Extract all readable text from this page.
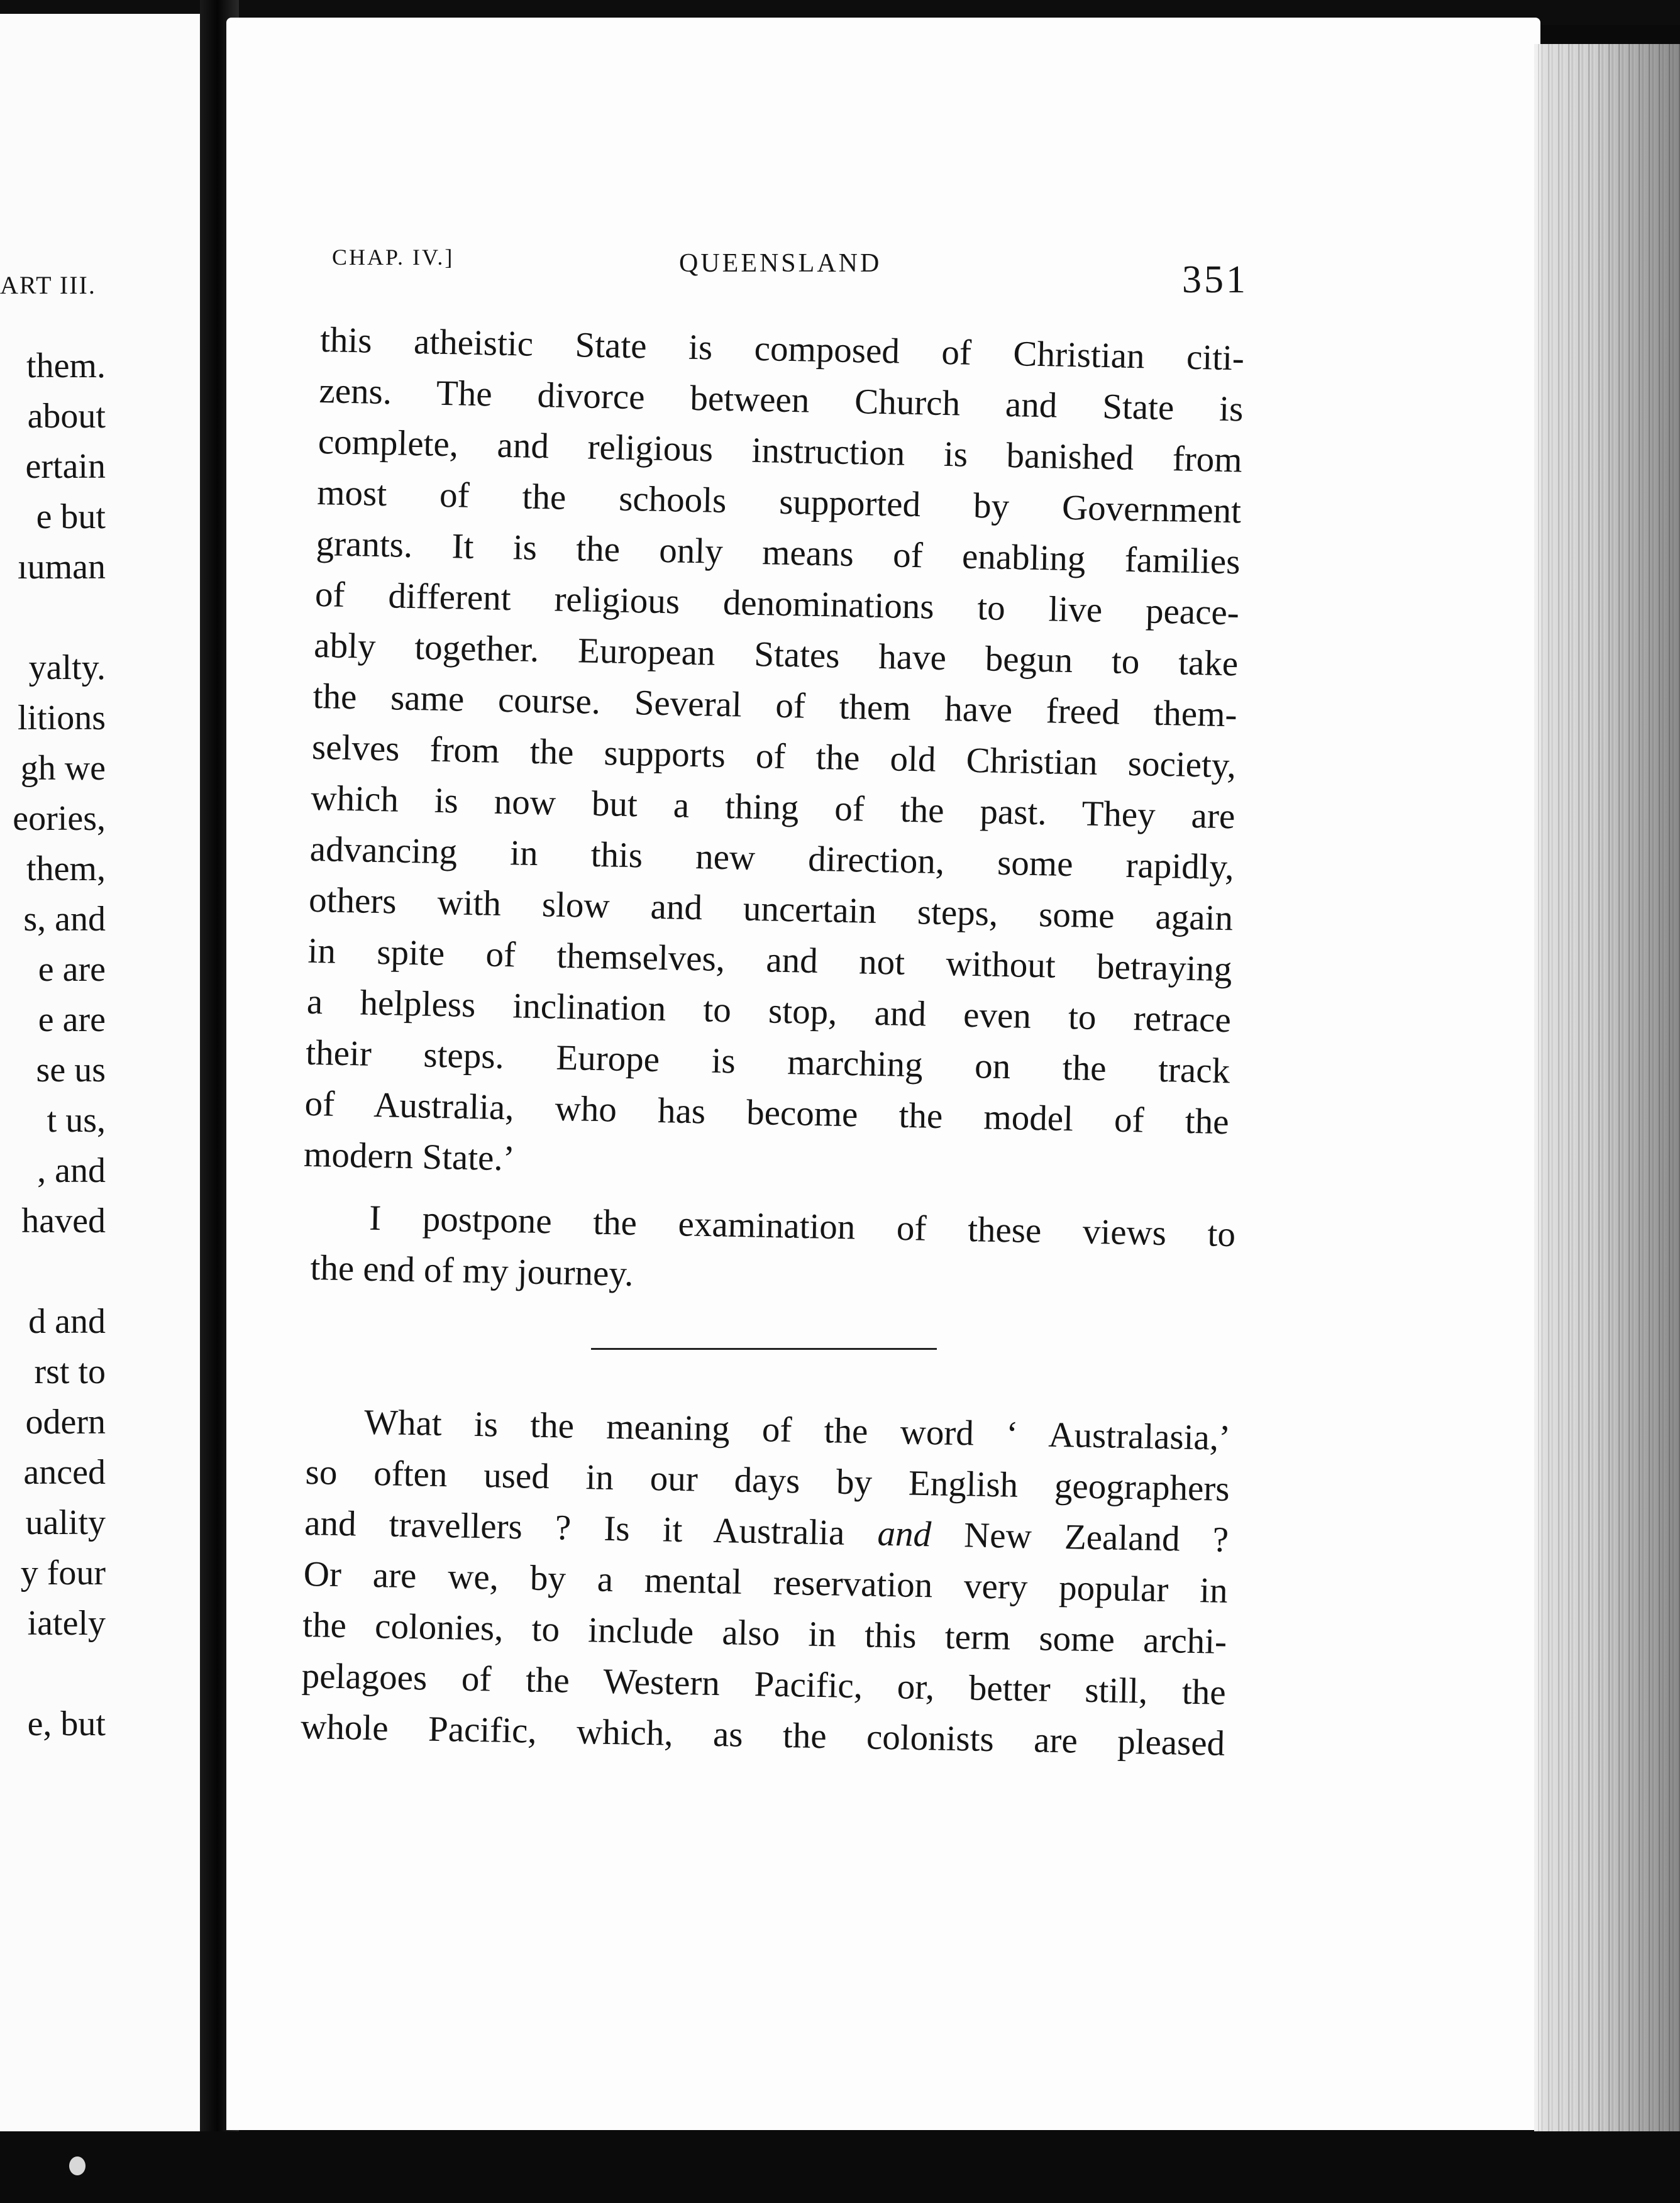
ART III.
them.
about
ertain
e but
ıuman
yalty.
litions
gh we
eories,
them,
s, and
e are
e are
se us
t us,
, and
haved
d and
rst to
odern
anced
uality
y four
iately
e, but
CHAP. IV.]	QUEENSLAND	351
this atheistic State is composed of Christian citi-
zens. The divorce between Church and State is
complete, and religious instruction is banished from
most of the schools supported by Government
grants. It is the only means of enabling families
of different religious denominations to live peace-
ably together. European States have begun to take
the same course. Several of them have freed them-
selves from the supports of the old Christian society,
which is now but a thing of the past. They are
advancing in this new direction, some rapidly,
others with slow and uncertain steps, some again
in spite of themselves, and not without betraying
a helpless inclination to stop, and even to retrace
their steps. Europe is marching on the track
of Australia, who has become the model of the
modern State.’
I postpone the examination of these views to
the end of my journey.
What is the meaning of the word ‘ Australasia,’
so often used in our days by English geographers
and travellers ? Is it Australia and New Zealand ?
Or are we, by a mental reservation very popular in
the colonies, to include also in this term some archi-
pelagoes of the Western Pacific, or, better still, the
whole Pacific, which, as the colonists are pleased
